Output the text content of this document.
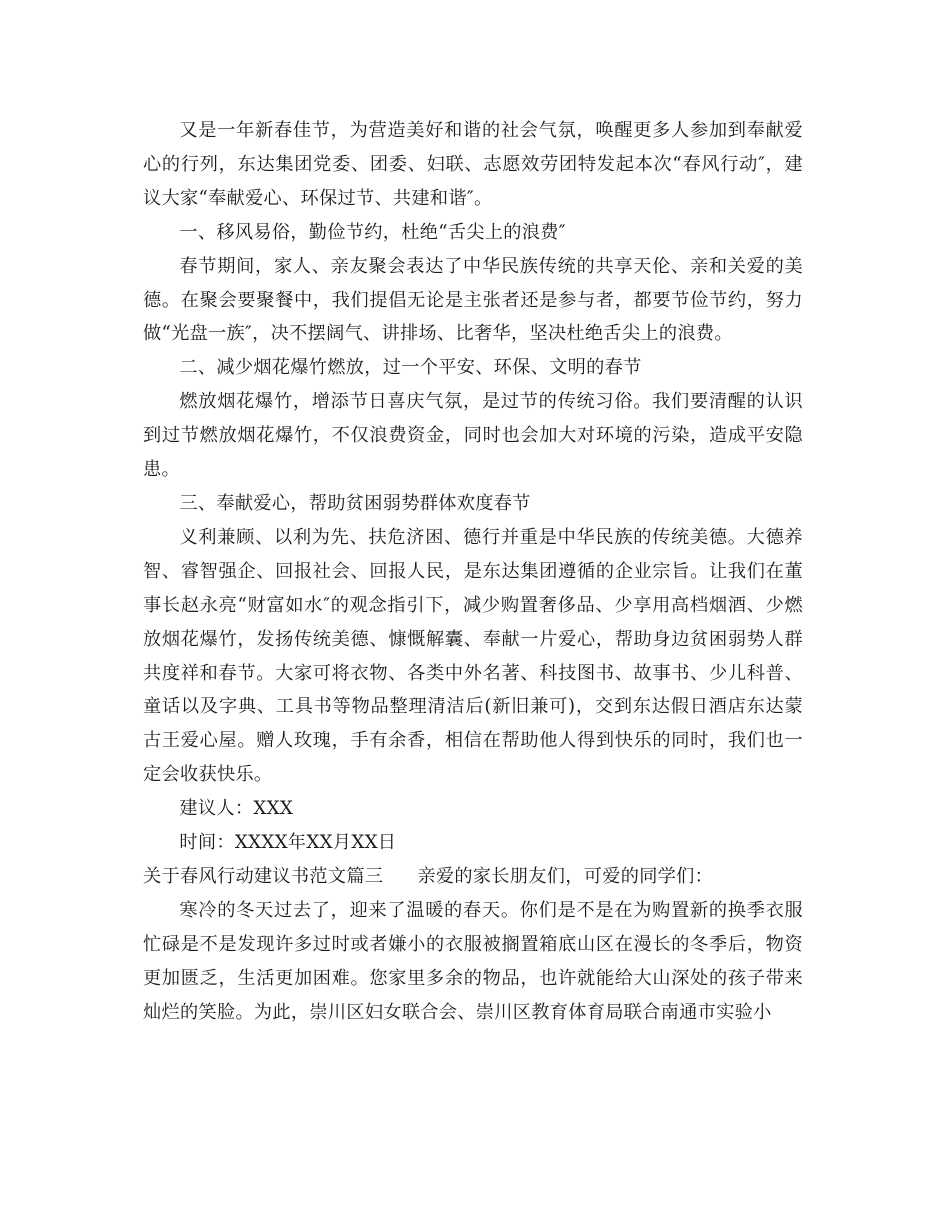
又是一年新春佳节，为营造美好和谐的社会气氛，唤醒更多人参加到奉献爱心的行列，东达集团党委、团委、妇联、志愿效劳团特发起本次“春风行动″，建议大家“奉献爱心、环保过节、共建和谐″。

一、移风易俗，勤俭节约，杜绝“舌尖上的浪费″

春节期间，家人、亲友聚会表达了中华民族传统的共享天伦、亲和关爱的美德。在聚会要聚餐中，我们提倡无论是主张者还是参与者，都要节俭节约，努力做“光盘一族″，决不摆阔气、讲排场、比奢华，坚决杜绝舌尖上的浪费。

二、减少烟花爆竹燃放，过一个平安、环保、文明的春节

燃放烟花爆竹，增添节日喜庆气氛，是过节的传统习俗。我们要清醒的认识到过节燃放烟花爆竹，不仅浪费资金，同时也会加大对环境的污染，造成平安隐患。

三、奉献爱心，帮助贫困弱势群体欢度春节

义利兼顾、以利为先、扶危济困、德行并重是中华民族的传统美德。大德养智、睿智强企、回报社会、回报人民，是东达集团遵循的企业宗旨。让我们在董事长赵永亮“财富如水″的观念指引下，减少购置奢侈品、少享用高档烟酒、少燃放烟花爆竹，发扬传统美德、慷慨解囊、奉献一片爱心，帮助身边贫困弱势人群共度祥和春节。大家可将衣物、各类中外名著、科技图书、故事书、少儿科普、童话以及字典、工具书等物品整理清洁后(新旧兼可)，交到东达假日酒店东达蒙古王爱心屋。赠人玫瑰，手有余香，相信在帮助他人得到快乐的同时，我们也一定会收获快乐。

建议人：XXX

时间：XXXX年XX月XX日

关于春风行动建议书范文篇三 亲爱的家长朋友们，可爱的同学们：

寒冷的冬天过去了，迎来了温暖的春天。你们是不是在为购置新的换季衣服忙碌是不是发现许多过时或者嫌小的衣服被搁置箱底山区在漫长的冬季后，物资更加匮乏，生活更加困难。您家里多余的物品，也许就能给大山深处的孩子带来灿烂的笑脸。为此，崇川区妇女联合会、崇川区教育体育局联合南通市实验小
